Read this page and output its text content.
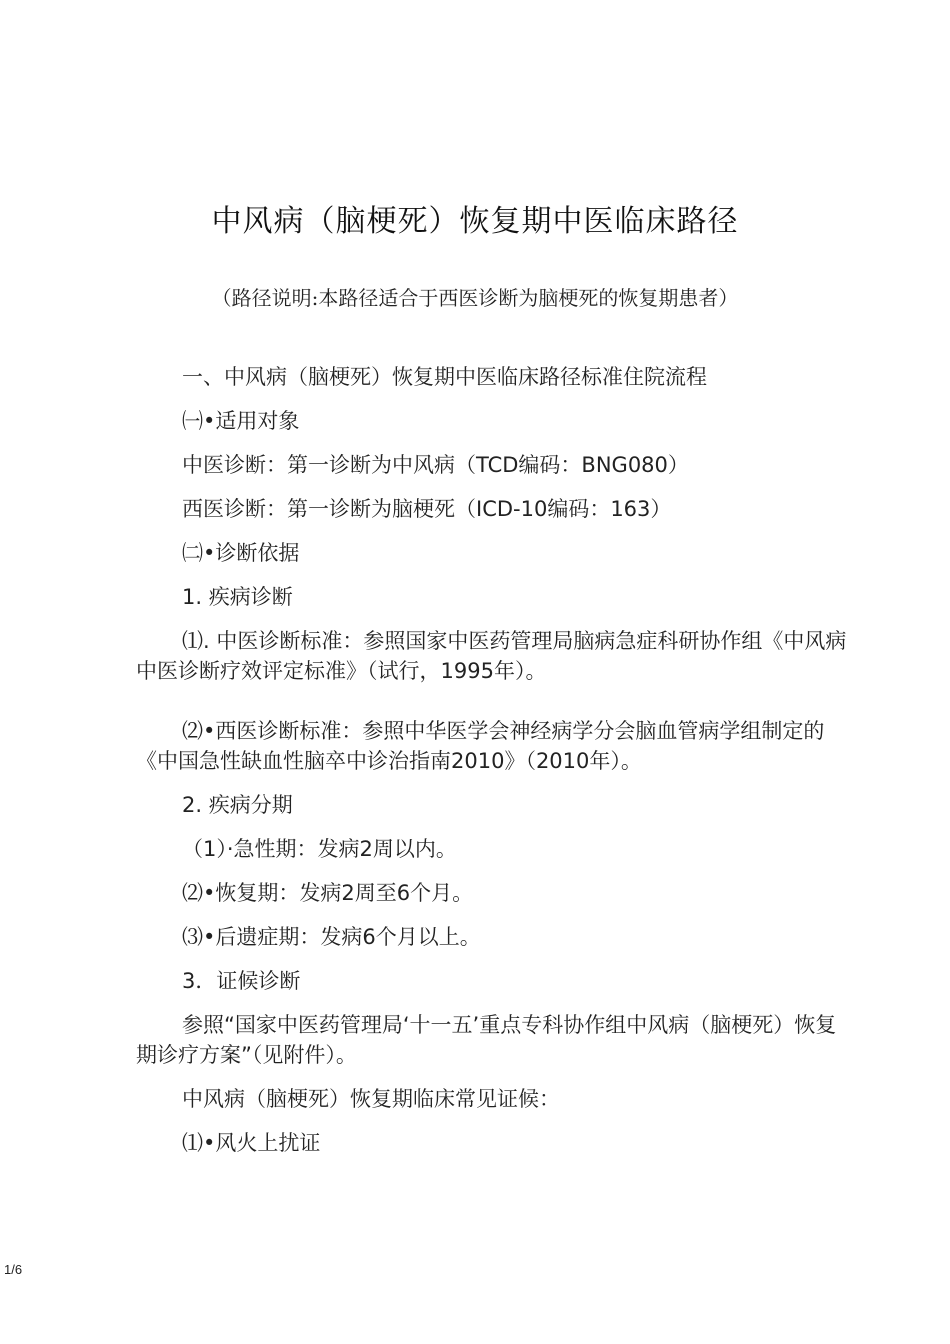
中风病（脑梗死）恢复期中医临床路径
（路径说明:本路径适合于西医诊断为脑梗死的恢复期患者）

一、中风病（脑梗死）恢复期中医临床路径标准住院流程

㈠•适用对象

中医诊断：第一诊断为中风病（TCD编码：BNG080）

西医诊断：第一诊断为脑梗死（ICD-10编码：163）

㈡•诊断依据

1. 疾病诊断

⑴. 中医诊断标准：参照国家中医药管理局脑病急症科研协作组《中风病中医诊断疗效评定标准》（试行，1995年）。

⑵•西医诊断标准：参照中华医学会神经病学分会脑血管病学组制定的《中国急性缺血性脑卒中诊治指南2010》（2010年）。

2. 疾病分期

（1）·急性期：发病2周以内。

⑵•恢复期：发病2周至6个月。

⑶•后遗症期：发病6个月以上。

3．证候诊断

参照“国家中医药管理局‘十一五’重点专科协作组中风病（脑梗死）恢复期诊疗方案”（见附件）。

中风病（脑梗死）恢复期临床常见证候：

⑴•风火上扰证

1/6
